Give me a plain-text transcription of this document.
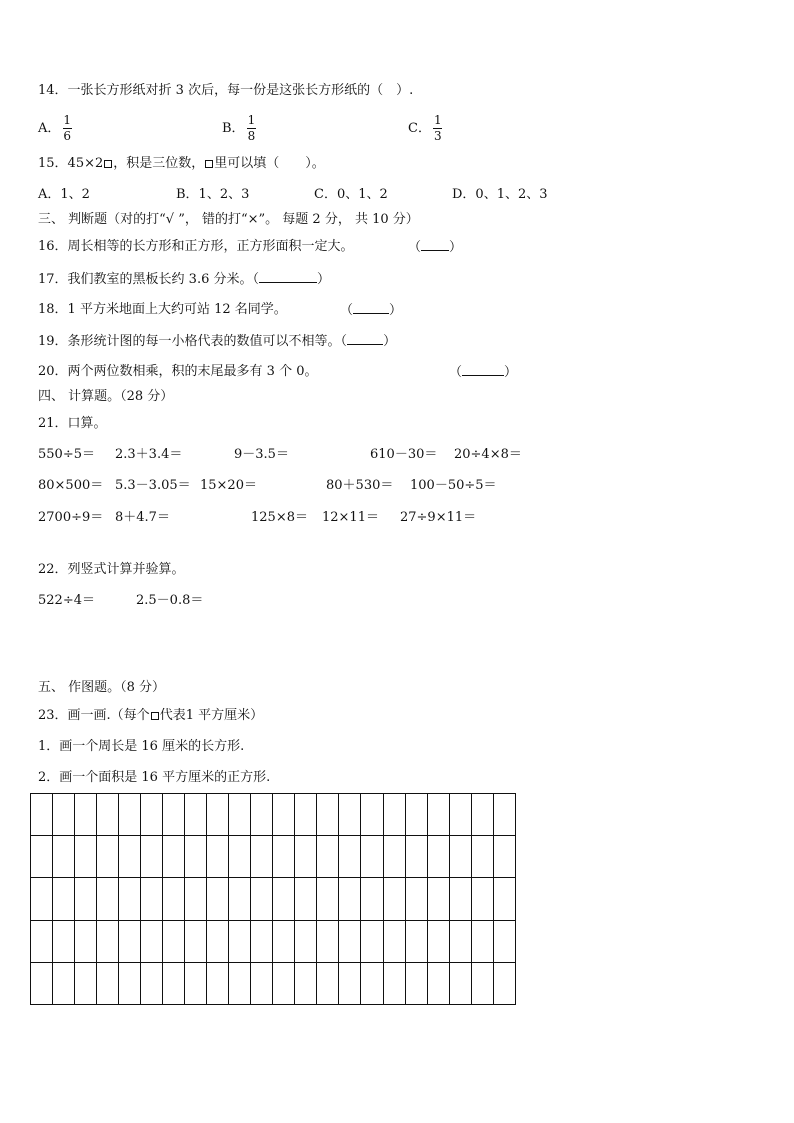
14．一张长方形纸对折 3 次后，每一份是这张长方形纸的（　）.
A． $\frac{1}{6}$	B． $\frac{1}{8}$	C． $\frac{1}{3}$
15．45×2 ，积是三位数， 里可以填（　　）。
A．1、2	B．1、2、3	C．0、1、2	D．0、1、2、3
三、 判断题（对的打“√ ”， 错的打“×”。 每题 2 分， 共 10 分）
16．周长相等的长方形和正方形，正方形面积一定大。	（ ）
17．我们教室的黑板长约 3.6 分米。（	）
18．1 平方米地面上大约可站 12 名同学。	（	）
19．条形统计图的每一小格代表的数值可以不相等。（	）
20．两个两位数相乘，积的末尾最多有 3 个 0。	（	）
四、 计算题。（28 分）
21．口算。
550÷5＝ 2.3＋3.4＝	9－3.5＝	610－30＝ 20÷4×8＝
80×500＝ 5.3－3.05＝ 15×20＝	80＋530＝ 100－50÷5＝
2700÷9＝ 8＋4.7＝	125×8＝ 12×11＝ 27÷9×11＝
22．列竖式计算并验算。
522÷4＝	2.5－0.8＝
五、 作图题。（8 分）
23．画一画.（每个 代表1 平方厘米）
1．画一个周长是 16 厘米的长方形.
2．画一个面积是 16 平方厘米的正方形.
